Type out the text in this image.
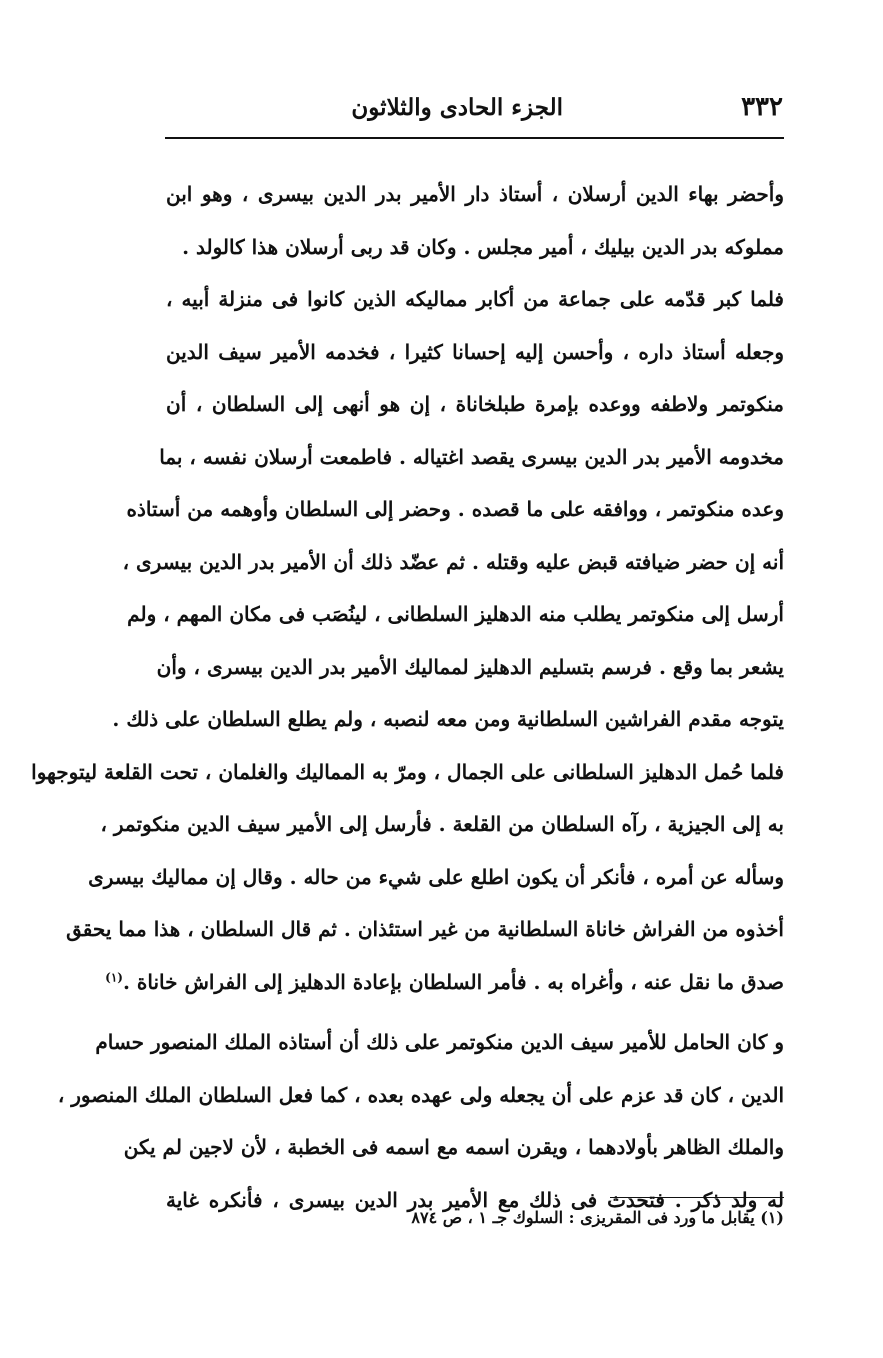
٣٣٢
الجزء الحادى والثلاثون
وأحضر بهاء الدين أرسلان ، أستاذ دار الأمير بدر الدين بيسرى ، وهو ابن
مملوكه بدر الدين بيليك ، أمير مجلس . وكان قد ربى أرسلان هذا كالولد .
فلما كبر قدّمه على جماعة من أكابر مماليكه الذين كانوا فى منزلة أبيه ،
وجعله أستاذ داره ، وأحسن إليه إحسانا كثيرا ، فخدمه الأمير سيف الدين
منكوتمر ولاطفه ووعده بإمرة طبلخاناة ، إن هو أنهى إلى السلطان ، أن
مخدومه الأمير بدر الدين بيسرى يقصد اغتياله . فاطمعت أرسلان نفسه ، بما
وعده منكوتمر ، ووافقه على ما قصده . وحضر إلى السلطان وأوهمه من أستاذه
أنه إن حضر ضيافته قبض عليه وقتله . ثم عضّد ذلك أن الأمير بدر الدين بيسرى ،
أرسل إلى منكوتمر يطلب منه الدهليز السلطانى ، لينُصَب فى مكان المهم ، ولم
يشعر بما وقع . فرسم بتسليم الدهليز لمماليك الأمير بدر الدين بيسرى ، وأن
يتوجه مقدم الفراشين السلطانية ومن معه لنصبه ، ولم يطلع السلطان على ذلك .
فلما حُمل الدهليز السلطانى على الجمال ، ومرّ به المماليك والغلمان ، تحت القلعة ليتوجهوا
به إلى الجيزية ، رآه السلطان من القلعة . فأرسل إلى الأمير سيف الدين منكوتمر ،
وسأله عن أمره ، فأنكر أن يكون اطلع على شيء من حاله . وقال إن مماليك بيسرى
أخذوه من الفراش خاناة السلطانية من غير استئذان . ثم قال السلطان ، هذا مما يحقق
صدق ما نقل عنه ، وأغراه به . فأمر السلطان بإعادة الدهليز إلى الفراش خاناة .$^{(١)}$
و كان الحامل للأمير سيف الدين منكوتمر على ذلك أن أستاذه الملك المنصور حسام
الدين ، كان قد عزم على أن يجعله ولى عهده بعده ، كما فعل السلطان الملك المنصور ،
والملك الظاهر بأولادهما ، ويقرن اسمه مع اسمه فى الخطبة ، لأن لاجين لم يكن
له ولد ذكر . فتحدث فى ذلك مع الأمير بدر الدين بيسرى ، فأنكره غاية
(١) يقابل ما ورد فى المقريزى : السلوك جـ ١ ، ص ٨٧٤
